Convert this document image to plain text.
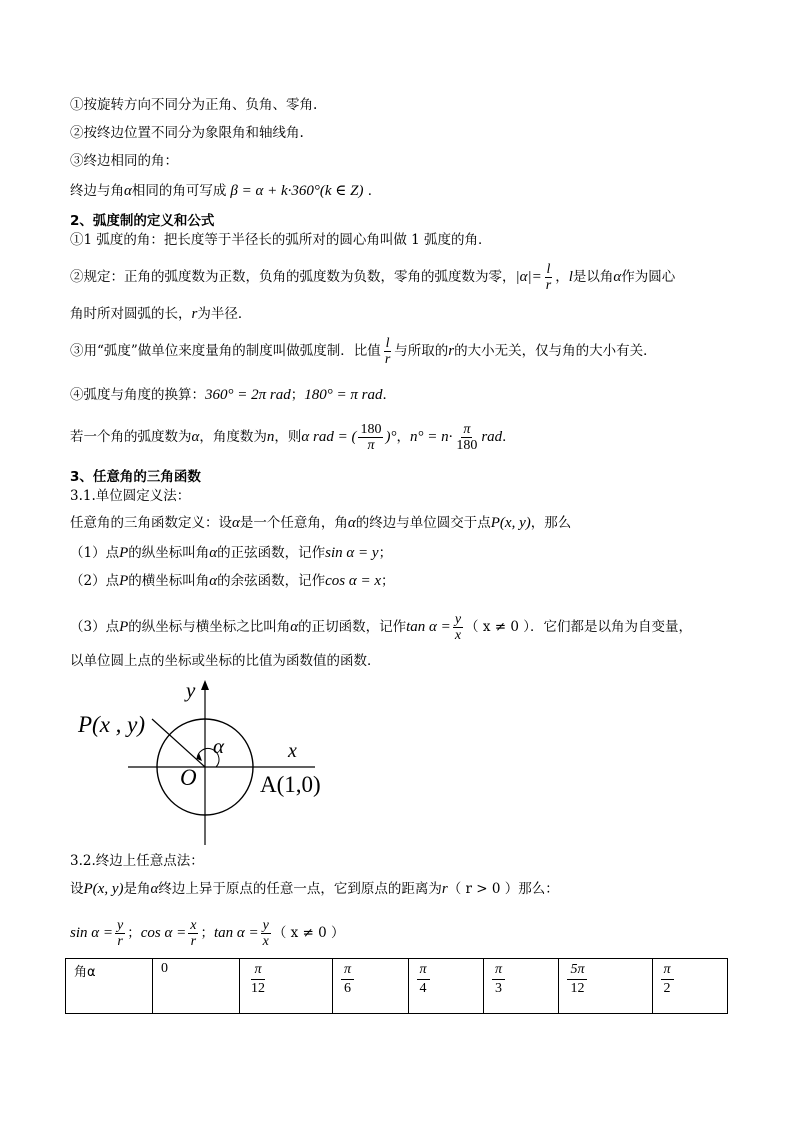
①按旋转方向不同分为正角、负角、零角.
②按终边位置不同分为象限角和轴线角.
③终边相同的角：
终边与角α相同的角可写成 β = α + k·360°(k ∈ Z) ．
2、弧度制的定义和公式
①1 弧度的角：把长度等于半径长的弧所对的圆心角叫做 1 弧度的角．
②规定：正角的弧度数为正数，负角的弧度数为负数，零角的弧度数为零，$|\alpha|= \frac{l}{r}$ ，l是以角α作为圆心
角时所对圆弧的长，r为半径．
③用“弧度”做单位来度量角的制度叫做弧度制．比值 $\frac{l}{r}$ 与所取的r的大小无关，仅与角的大小有关．
④弧度与角度的换算：360° = 2π rad；180° = π rad．
若一个角的弧度数为α，角度数为n，则α rad = ( $\frac{180}{\pi}$ )°，$n^\circ = n\cdot \frac{\pi}{180}$ rad．
3、任意角的三角函数
3.1.单位圆定义法：
任意角的三角函数定义：设α是一个任意角，角α的终边与单位圆交于点P(x, y)，那么
（1）点P的纵坐标叫角α的正弦函数，记作sin α = y；
（2）点P的横坐标叫角α的余弦函数，记作cos α = x；
（3）点P的纵坐标与横坐标之比叫角α的正切函数，记作$\tan \alpha = \frac{y}{x}$ （ x ≠ 0 ）．它们都是以角为自变量，
以单位圆上点的坐标或坐标的比值为函数值的函数．
P(x , y)
y
x
α
O	A(1,0)
3.2.终边上任意点法：
设P(x, y)是角α终边上异于原点的任意一点，它到原点的距离为r（ r > 0 ）那么：
$\sin \alpha = \frac{y}{r}$ ；$\cos \alpha = \frac{x}{r}$ ；$\tan \alpha = \frac{y}{x}$ （ x ≠ 0 ）
角α	0	$\frac{\pi}{12}$	$\frac{\pi}{6}$	$\frac{\pi}{4}$	$\frac{\pi}{3}$	$\frac{5\pi}{12}$	$\frac{\pi}{2}$
